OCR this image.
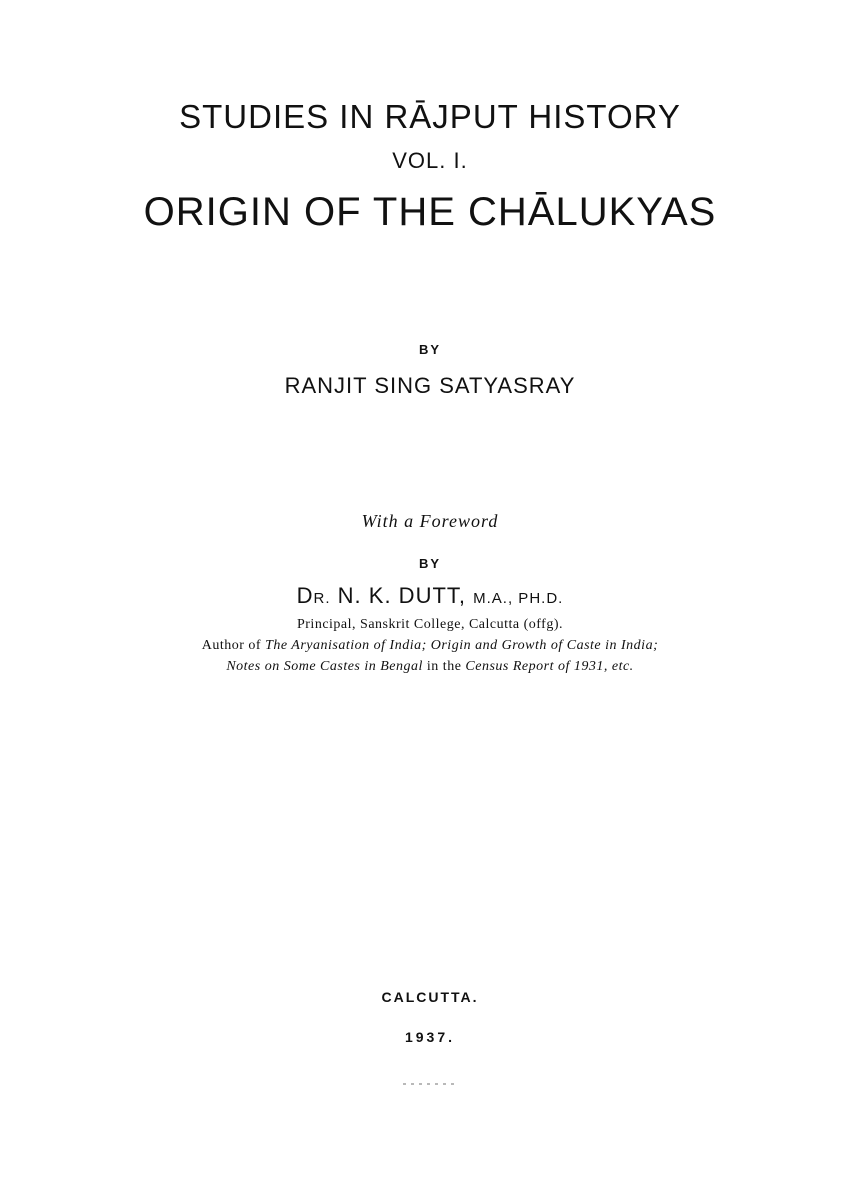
STUDIES IN RĀJPUT HISTORY
VOL. I.
ORIGIN OF THE CHĀLUKYAS
BY
RANJIT SING SATYASRAY
With a Foreword
BY
DR. N. K. DUTT, M.A., PH.D.
Principal, Sanskrit College, Calcutta (offg).
Author of The Aryanisation of India; Origin and Growth of Caste in India;
Notes on Some Castes in Bengal in the Census Report of 1931, etc.
CALCUTTA.
1937.
